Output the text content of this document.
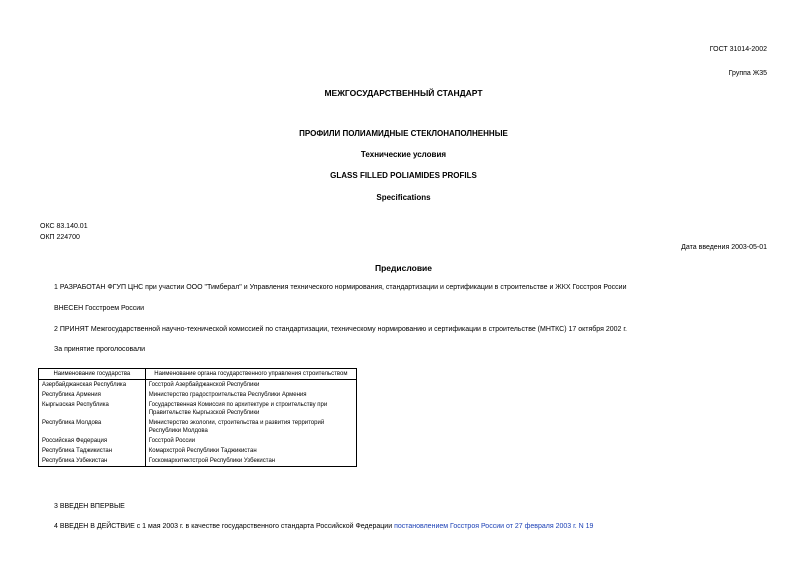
ГОСТ 31014-2002
Группа Ж35
МЕЖГОСУДАРСТВЕННЫЙ СТАНДАРТ
ПРОФИЛИ ПОЛИАМИДНЫЕ СТЕКЛОНАПОЛНЕННЫЕ
Технические условия
GLASS FILLED POLIAMIDES PROFILS
Specifications
ОКС 83.140.01
ОКП 224700
Дата введения 2003-05-01
Предисловие
1 РАЗРАБОТАН ФГУП ЦНС при участии ООО "Тимберал" и Управления технического нормирования, стандартизации и сертификации в строительстве и ЖКХ Госстроя России
ВНЕСЕН Госстроем России
2 ПРИНЯТ Межгосударственной научно-технической комиссией по стандартизации, техническому нормированию и сертификации в строительстве (МНТКС) 17 октября 2002 г.
За принятие проголосовали
Наименование государства	Наименование органа государственного управления строительством
Азербайджанская Республика	Госстрой Азербайджанской Республики
Республика Армения	Министерство градостроительства Республики Армения
Кыргызская Республика	Государственная Комиссия по архитектуре и строительству при Правительстве Кыргызской Республики
Республика Молдова	Министерство экологии, строительства и развития территорий Республики Молдова
Российская Федерация	Госстрой России
Республика Таджикистан	Комархстрой Республики Таджикистан
Республика Узбекистан	Госкомархитектстрой Республики Узбекистан
3 ВВЕДЕН ВПЕРВЫЕ
4 ВВЕДЕН В ДЕЙСТВИЕ с 1 мая 2003 г. в качестве государственного стандарта Российской Федерации постановлением Госстроя России от 27 февраля 2003 г. N 19
